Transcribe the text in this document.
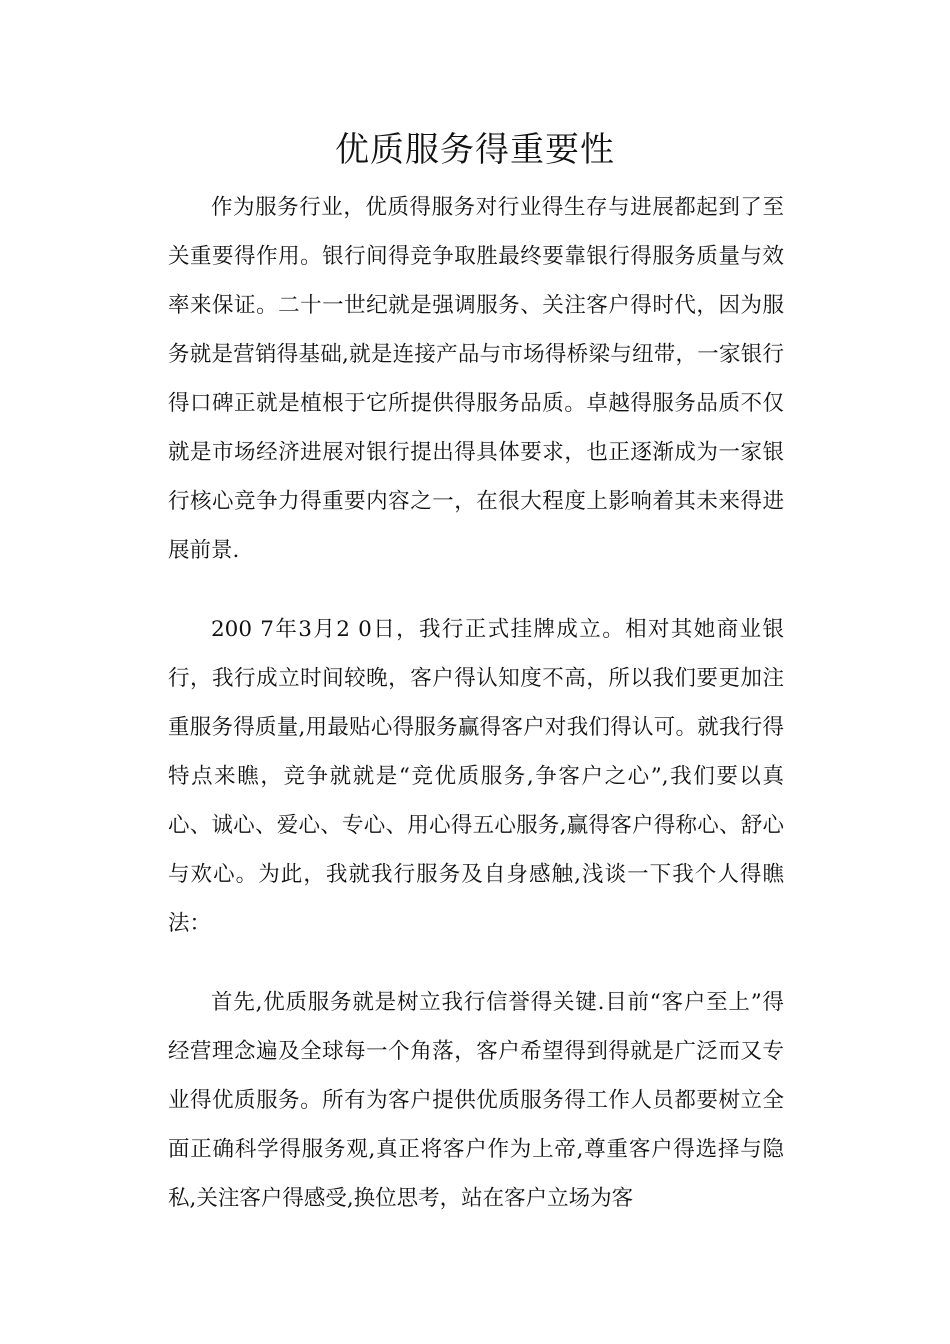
优质服务得重要性

作为服务行业，优质得服务对行业得生存与进展都起到了至关重要得作用。银行间得竞争取胜最终要靠银行得服务质量与效率来保证。二十一世纪就是强调服务、关注客户得时代，因为服务就是营销得基础,就是连接产品与市场得桥梁与纽带，一家银行得口碑正就是植根于它所提供得服务品质。卓越得服务品质不仅就是市场经济进展对银行提出得具体要求，也正逐渐成为一家银行核心竞争力得重要内容之一，在很大程度上影响着其未来得进展前景.

200 7年3月2 0日，我行正式挂牌成立。相对其她商业银行，我行成立时间较晚，客户得认知度不高，所以我们要更加注重服务得质量,用最贴心得服务赢得客户对我们得认可。就我行得特点来瞧，竞争就就是“竞优质服务,争客户之心”,我们要以真心、诚心、爱心、专心、用心得五心服务,赢得客户得称心、舒心与欢心。为此，我就我行服务及自身感触,浅谈一下我个人得瞧法：

首先,优质服务就是树立我行信誉得关键.目前“客户至上”得经营理念遍及全球每一个角落，客户希望得到得就是广泛而又专业得优质服务。所有为客户提供优质服务得工作人员都要树立全面正确科学得服务观,真正将客户作为上帝,尊重客户得选择与隐私,关注客户得感受,换位思考，站在客户立场为客
